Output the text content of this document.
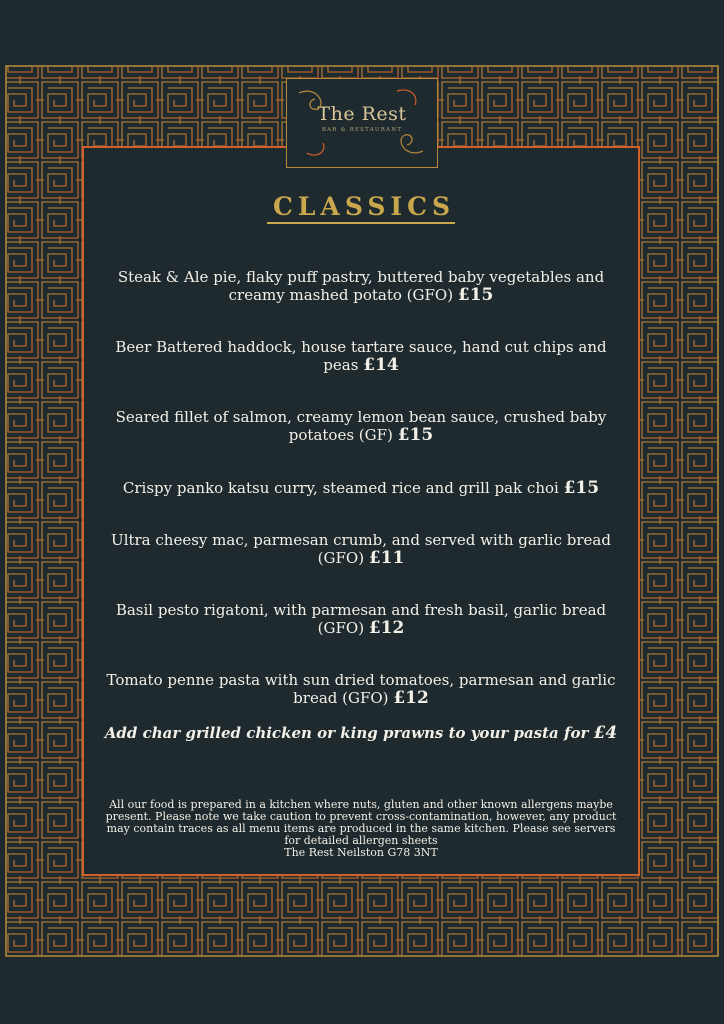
The Rest
BAR & RESTAURANT
CLASSICS

Steak & Ale pie, flaky puff pastry, buttered baby vegetables and creamy mashed potato (GFO) £15

Beer Battered haddock, house tartare sauce, hand cut chips and peas £14

Seared fillet of salmon, creamy lemon bean sauce, crushed baby potatoes (GF) £15

Crispy panko katsu curry, steamed rice and grill pak choi £15

Ultra cheesy mac, parmesan crumb, and served with garlic bread (GFO) £11

Basil pesto rigatoni, with parmesan and fresh basil, garlic bread (GFO) £12

Tomato penne pasta with sun dried tomatoes, parmesan and garlic bread (GFO) £12

Add char grilled chicken or king prawns to your pasta for £4

All our food is prepared in a kitchen where nuts, gluten and other known allergens maybe present. Please note we take caution to prevent cross-contamination, however, any product may contain traces as all menu items are produced in the same kitchen. Please see servers for detailed allergen sheets

The Rest Neilston G78 3NT
